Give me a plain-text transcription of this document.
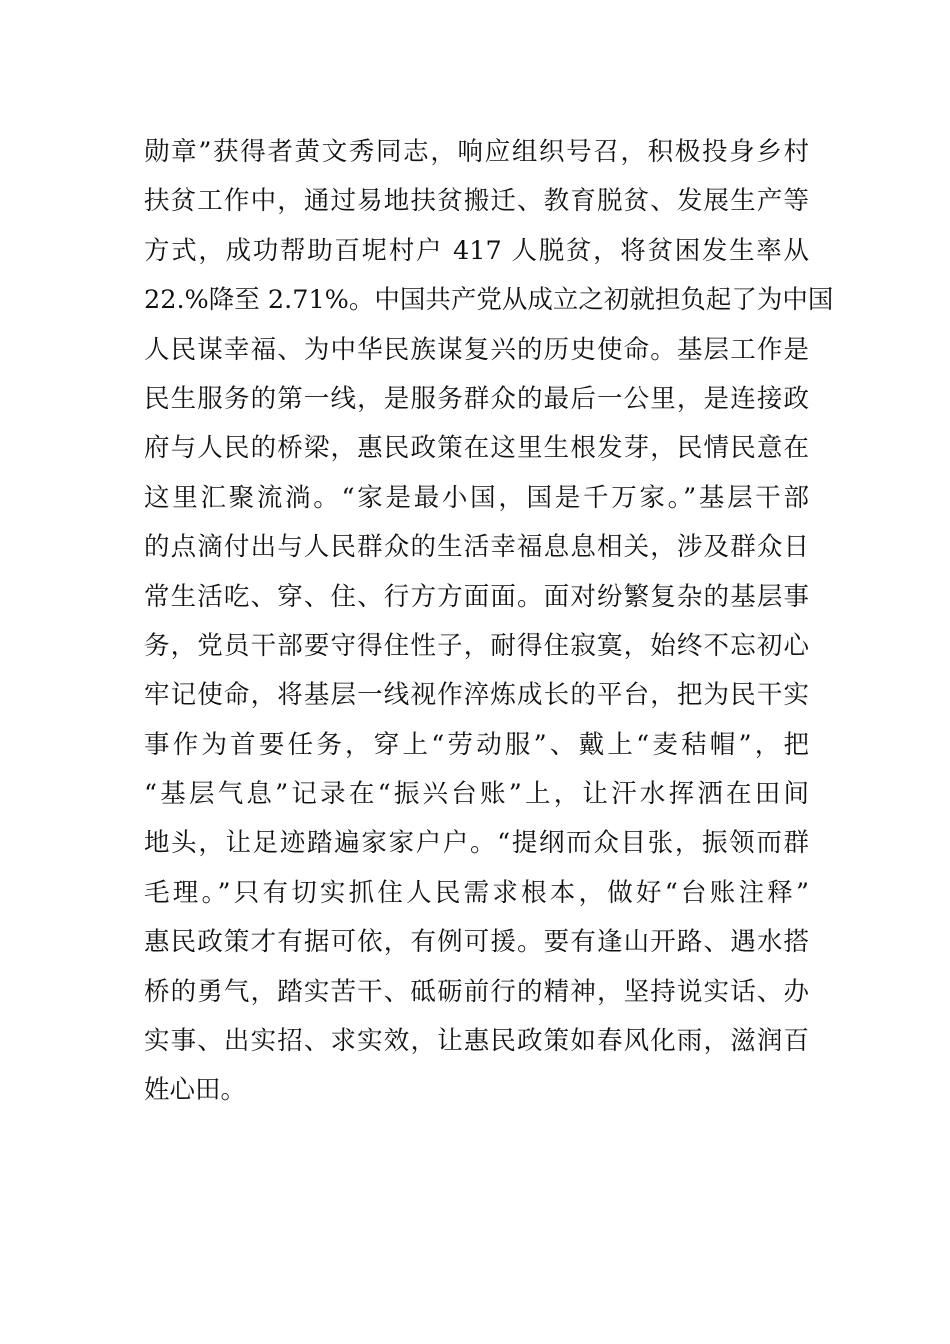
勋章”获得者黄文秀同志，响应组织号召，积极投身乡村
扶贫工作中，通过易地扶贫搬迁、教育脱贫、发展生产等
方式，成功帮助百坭村户 417 人脱贫，将贫困发生率从
22.%降至 2.71%。中国共产党从成立之初就担负起了为中国
人民谋幸福、为中华民族谋复兴的历史使命。基层工作是
民生服务的第一线，是服务群众的最后一公里，是连接政
府与人民的桥梁，惠民政策在这里生根发芽，民情民意在
这里汇聚流淌。“家是最小国，国是千万家。”基层干部
的点滴付出与人民群众的生活幸福息息相关，涉及群众日
常生活吃、穿、住、行方方面面。面对纷繁复杂的基层事
务，党员干部要守得住性子，耐得住寂寞，始终不忘初心
牢记使命，将基层一线视作淬炼成长的平台，把为民干实
事作为首要任务，穿上“劳动服”、戴上“麦秸帽”，把
“基层气息”记录在“振兴台账”上，让汗水挥洒在田间
地头，让足迹踏遍家家户户。“提纲而众目张，振领而群
毛理。”只有切实抓住人民需求根本，做好“台账注释”
惠民政策才有据可依，有例可援。要有逢山开路、遇水搭
桥的勇气，踏实苦干、砥砺前行的精神，坚持说实话、办
实事、出实招、求实效，让惠民政策如春风化雨，滋润百
姓心田。
